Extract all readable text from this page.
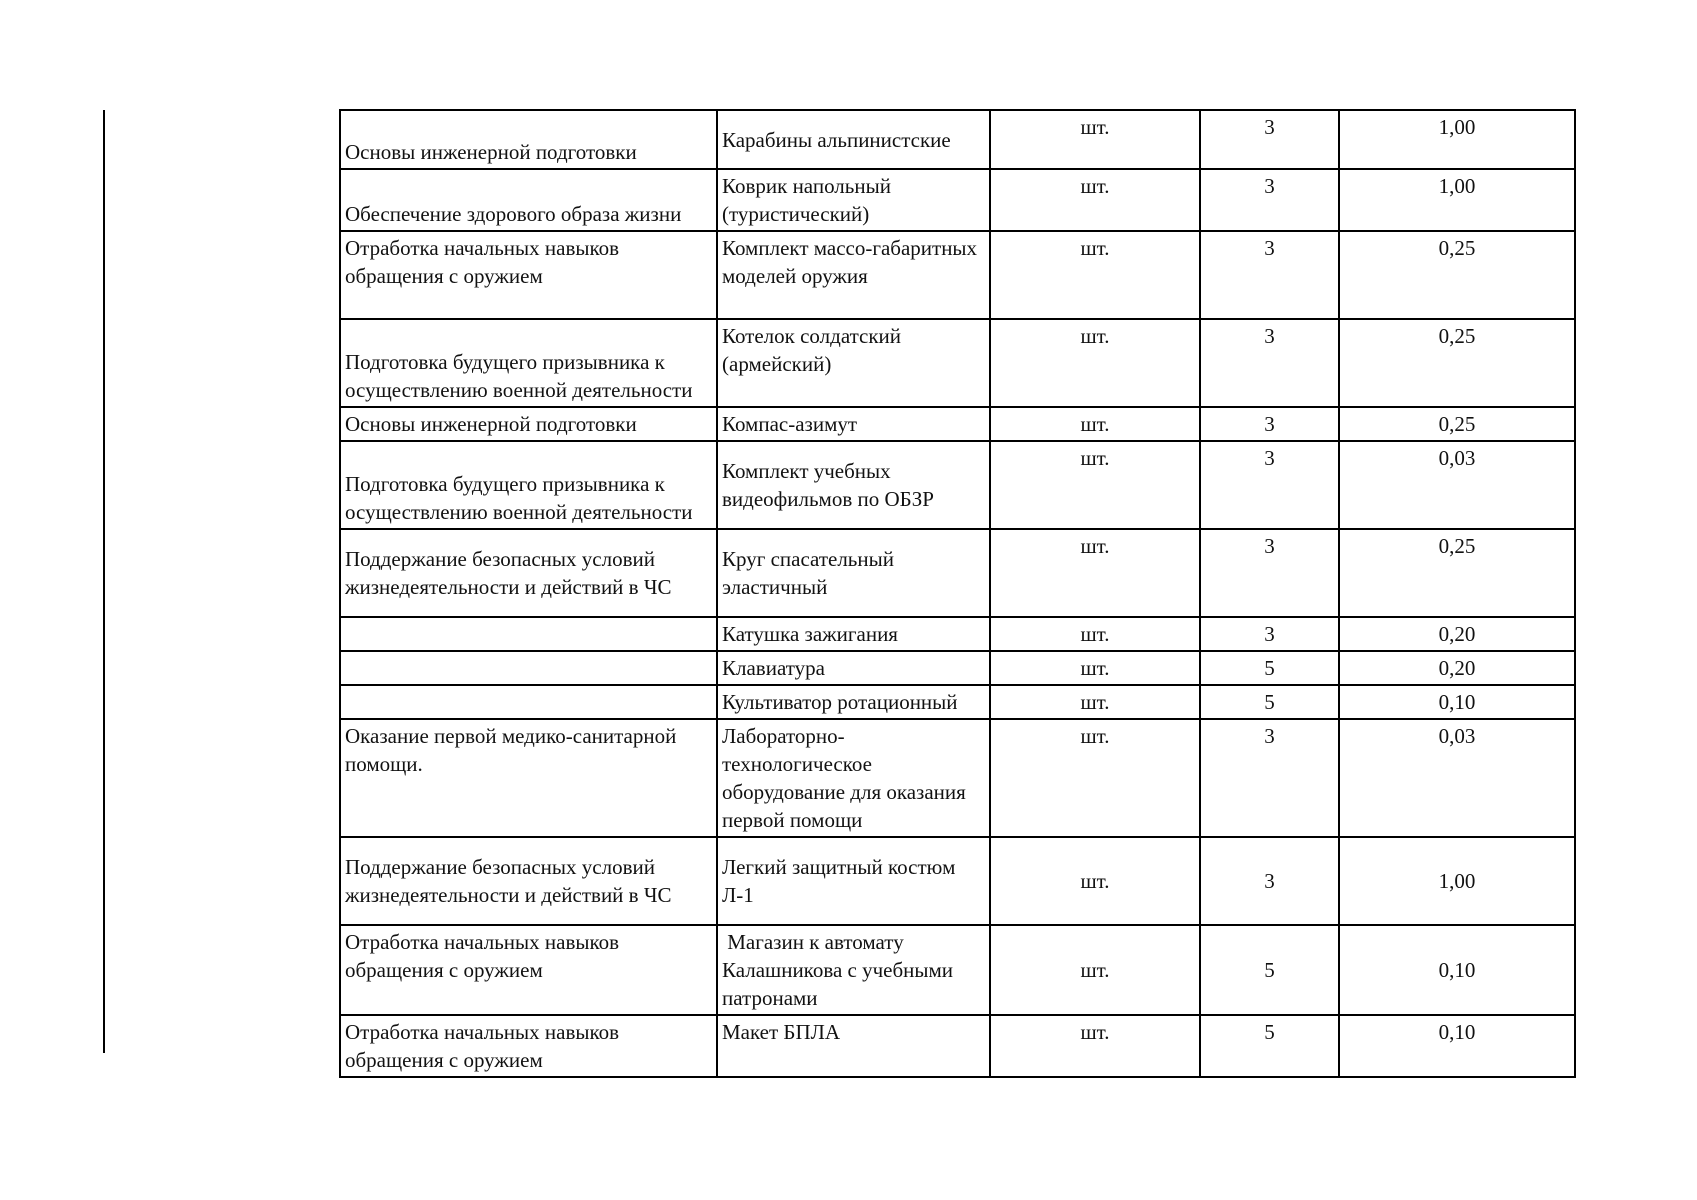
Основы инженерной подготовки	Карабины альпинистские	шт.	3	1,00
Обеспечение здорового образа жизни	Коврик напольный (туристический)	шт.	3	1,00
Отработка начальных навыков обращения с оружием	Комплект массо-габаритных моделей оружия	шт.	3	0,25
Подготовка будущего призывника к осуществлению военной деятельности	Котелок солдатский (армейский)	шт.	3	0,25
Основы инженерной подготовки	Компас-азимут	шт.	3	0,25
Подготовка будущего призывника к осуществлению военной деятельности	Комплект учебных видеофильмов по ОБЗР	шт.	3	0,03
Поддержание безопасных условий жизнедеятельности и действий в ЧС	Круг спасательный эластичный	шт.	3	0,25
	Катушка зажигания	шт.	3	0,20
	Клавиатура	шт.	5	0,20
	Культиватор ротационный	шт.	5	0,10
Оказание первой медико-санитарной помощи.	Лабораторно-технологическое оборудование для оказания первой помощи	шт.	3	0,03
Поддержание безопасных условий жизнедеятельности и действий в ЧС	Легкий защитный костюм Л-1	шт.	3	1,00
Отработка начальных навыков обращения с оружием	Магазин к автомату Калашникова с учебными патронами	шт.	5	0,10
Отработка начальных навыков обращения с оружием	Макет БПЛА	шт.	5	0,10
